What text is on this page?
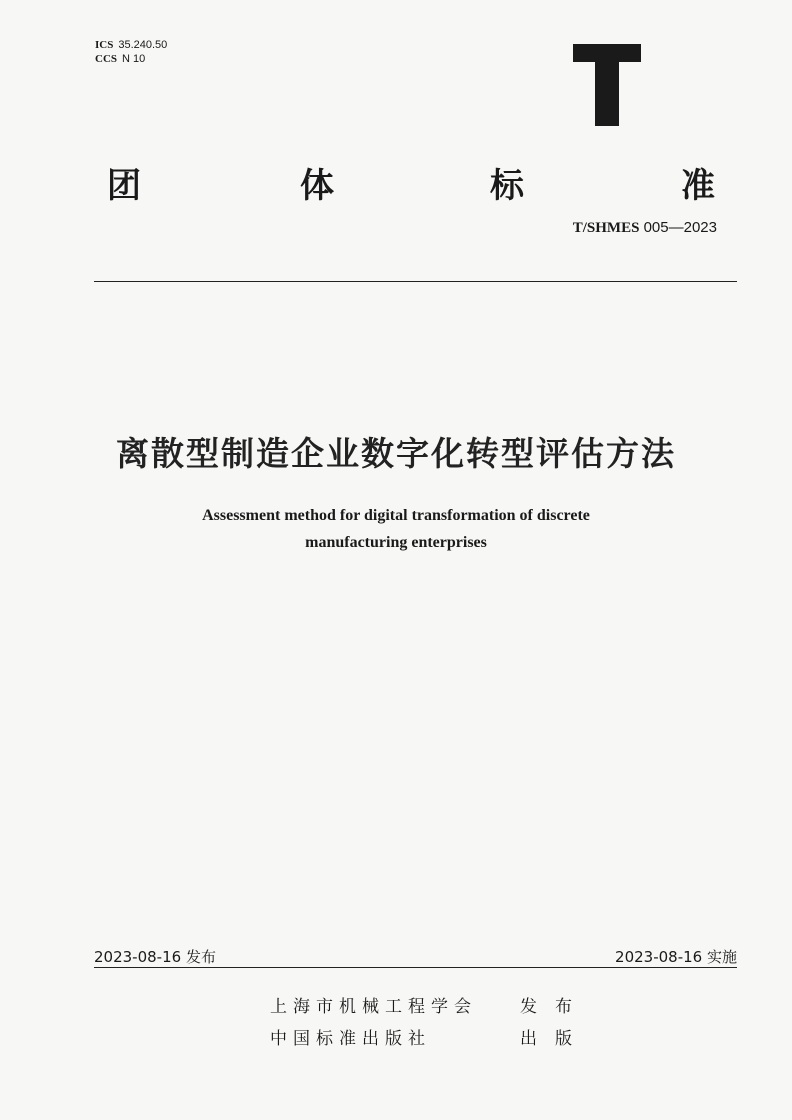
ICS 35.240.50
CCS N 10
团	体	标	准
T/SHMES 005—2023
离散型制造企业数字化转型评估方法
Assessment method for digital transformation of discrete
manufacturing enterprises
2023-08-16 发布	2023-08-16 实施
上海市机械工程学会	发布
中国标准出版社	出版
